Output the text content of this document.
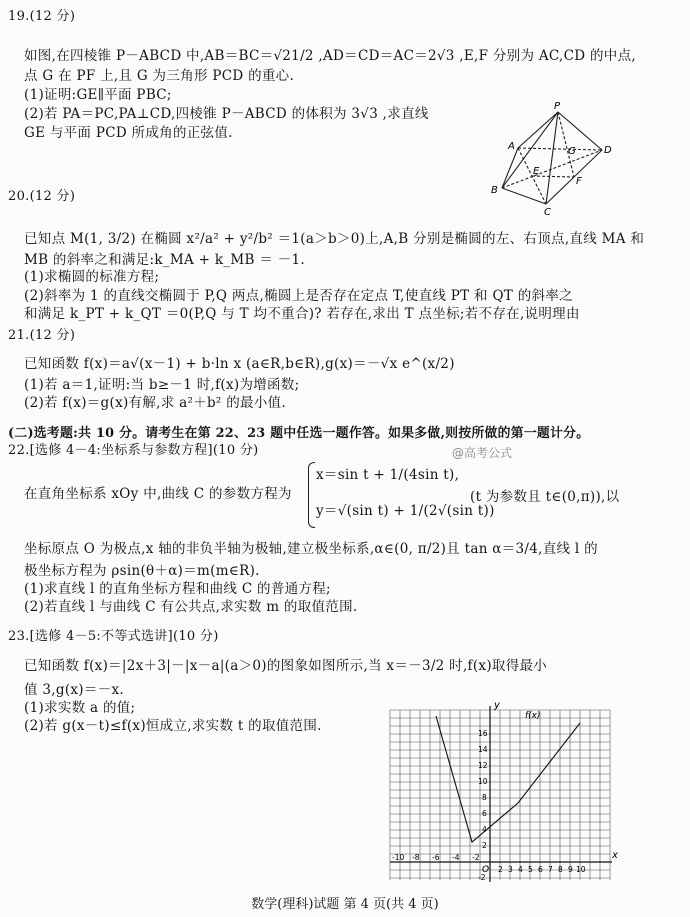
19.(12 分)
如图,在四棱锥 P－ABCD 中,AB＝BC＝√21/2 ,AD＝CD＝AC＝2√3 ,E,F 分别为 AC,CD 的中点,
点 G 在 PF 上,且 G 为三角形 PCD 的重心.
(1)证明:GE∥平面 PBC;
(2)若 PA＝PC,PA⊥CD,四棱锥 P－ABCD 的体积为 3√3 ,求直线
GE 与平面 PCD 所成角的正弦值.
P
A	G	D
E
F
B
C
20.(12 分)
已知点 M(1, 3/2) 在椭圆 x²/a² + y²/b² ＝1(a＞b＞0)上,A,B 分别是椭圆的左、右顶点,直线 MA 和
MB 的斜率之和满足:k_MA + k_MB ＝ －1.
(1)求椭圆的标准方程;
(2)斜率为 1 的直线交椭圆于 P,Q 两点,椭圆上是否存在定点 T,使直线 PT 和 QT 的斜率之
和满足 k_PT + k_QT ＝0(P,Q 与 T 均不重合)? 若存在,求出 T 点坐标;若不存在,说明理由
21.(12 分)
已知函数 f(x)＝a√(x－1) + b·ln x (a∈R,b∈R),g(x)＝－√x e^(x/2)
(1)若 a＝1,证明:当 b≥－1 时,f(x)为增函数;
(2)若 f(x)＝g(x)有解,求 a²＋b² 的最小值.
(二)选考题:共 10 分。请考生在第 22、23 题中任选一题作答。如果多做,则按所做的第一题计分。
22.[选修 4－4:坐标系与参数方程](10 分)	@高考公式
在直角坐标系 xOy 中,曲线 C 的参数方程为
x＝sin t + 1/(4sin t),
y＝√(sin t) + 1/(2√(sin t))
(t 为参数且 t∈(0,π)),以
坐标原点 O 为极点,x 轴的非负半轴为极轴,建立极坐标系,α∈(0, π/2)且 tan α＝3/4,直线 l 的
极坐标方程为 ρsin(θ＋α)＝m(m∈R).
(1)求直线 l 的直角坐标方程和曲线 C 的普通方程;
(2)若直线 l 与曲线 C 有公共点,求实数 m 的取值范围.
23.[选修 4－5:不等式选讲](10 分)
已知函数 f(x)＝|2x＋3|－|x－a|(a＞0)的图象如图所示,当 x＝－3/2 时,f(x)取得最小
值 3,g(x)＝－x.
(1)求实数 a 的值;
(2)若 g(x－t)≤f(x)恒成立,求实数 t 的取值范围.
x
y
O
f(x)
-10 -8 -6 -4 -2
2 3 4 5 6 7 8 9 10
16
14
12
10
8
6
4
2
-2
数学(理科)试题 第 4 页(共 4 页)
